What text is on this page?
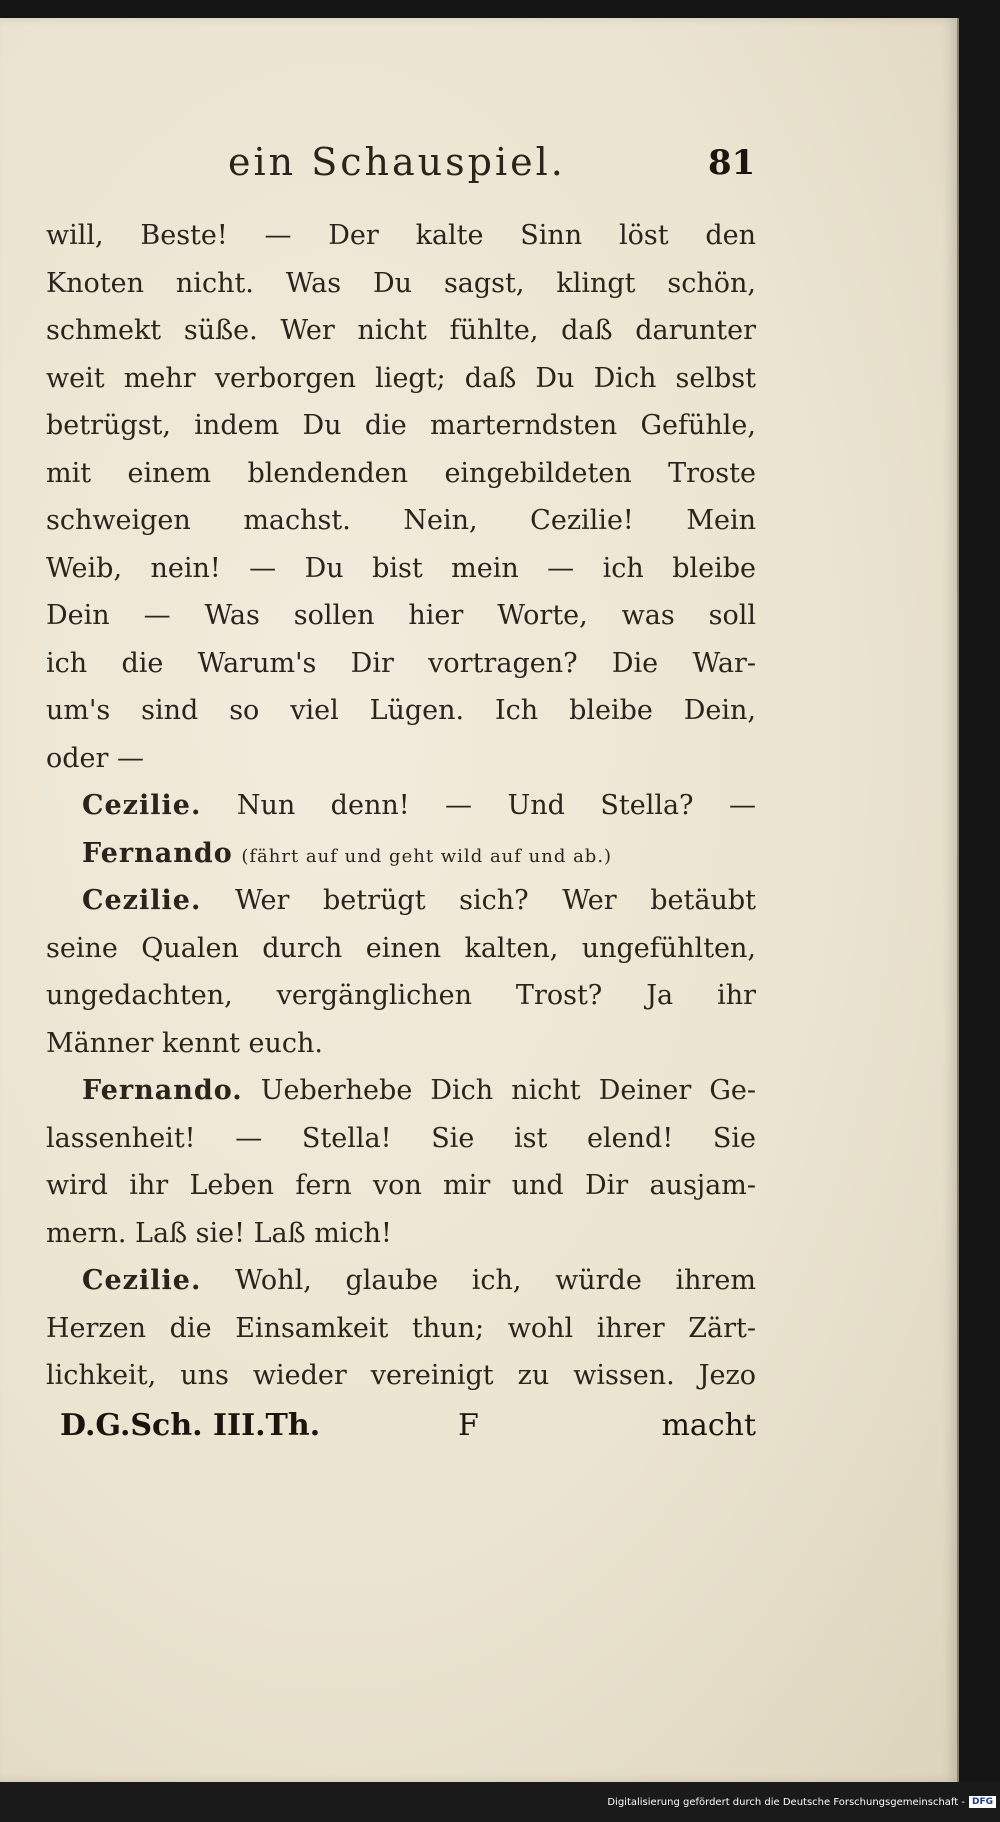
ein Schauspiel.	81
will, Beste! — Der kalte Sinn löst den
Knoten nicht. Was Du sagst, klingt schön,
schmekt süße. Wer nicht fühlte, daß darunter
weit mehr verborgen liegt; daß Du Dich selbst
betrügst, indem Du die marterndsten Gefühle,
mit einem blendenden eingebildeten Troste
schweigen machst. Nein, Cezilie! Mein
Weib, nein! — Du bist mein — ich bleibe
Dein — Was sollen hier Worte, was soll
ich die Warum's Dir vortragen? Die War-
um's sind so viel Lügen. Ich bleibe Dein,
oder —
Cezilie. Nun denn! — Und Stella? —
Fernando (fährt auf und geht wild auf und ab.)
Cezilie. Wer betrügt sich? Wer betäubt
seine Qualen durch einen kalten, ungefühlten,
ungedachten, vergänglichen Trost? Ja ihr
Männer kennt euch.
Fernando. Ueberhebe Dich nicht Deiner Ge-
lassenheit! — Stella! Sie ist elend! Sie
wird ihr Leben fern von mir und Dir ausjam-
mern. Laß sie! Laß mich!
Cezilie. Wohl, glaube ich, würde ihrem
Herzen die Einsamkeit thun; wohl ihrer Zärt-
lichkeit, uns wieder vereinigt zu wissen. Jezo
D.G.Sch. III.Th.	F	macht
Digitalisierung gefördert durch die Deutsche Forschungsgemeinschaft - DFG
